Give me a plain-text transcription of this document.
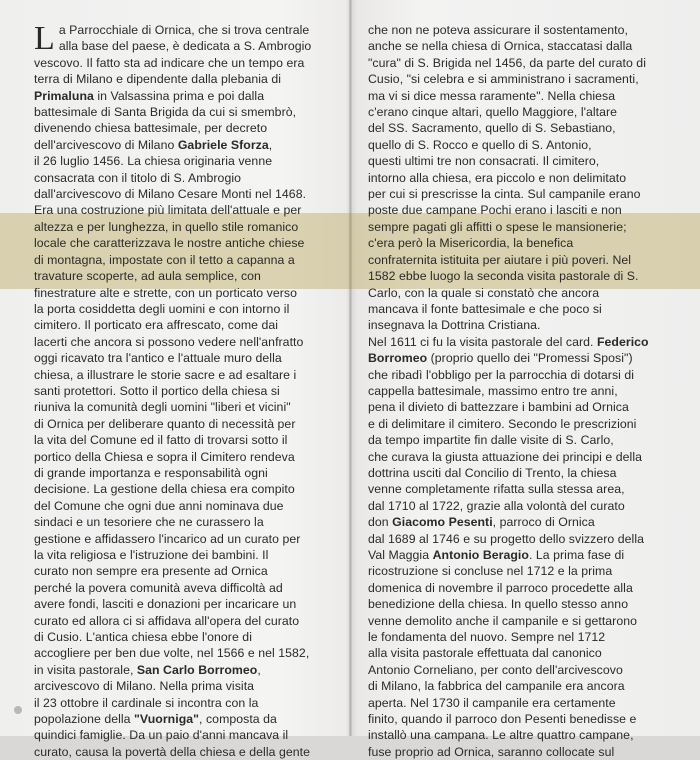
L a Parrocchiale di Ornica, che si trova centrale

alla base del paese, è dedicata a S. Ambrogio

vescovo. Il fatto sta ad indicare che un tempo era

terra di Milano e dipendente dalla plebania di

Primaluna in Valsassina prima e poi dalla

battesimale di Santa Brigida da cui si smembrò,

divenendo chiesa battesimale, per decreto

dell'arcivescovo di Milano Gabriele Sforza,

il 26 luglio 1456. La chiesa originaria venne

consacrata con il titolo di S. Ambrogio

dall'arcivescovo di Milano Cesare Monti nel 1468.

Era una costruzione più limitata dell'attuale e per

altezza e per lunghezza, in quello stile romanico

locale che caratterizzava le nostre antiche chiese

di montagna, impostate con il tetto a capanna a

travature scoperte, ad aula semplice, con

finestrature alte e strette, con un porticato verso

la porta cosiddetta degli uomini e con intorno il

cimitero. Il porticato era affrescato, come dai

lacerti che ancora si possono vedere nell'anfratto

oggi ricavato tra l'antico e l'attuale muro della

chiesa, a illustrare le storie sacre e ad esaltare i

santi protettori. Sotto il portico della chiesa si

riuniva la comunità degli uomini "liberi et vicini"

di Ornica per deliberare quanto di necessità per

la vita del Comune ed il fatto di trovarsi sotto il

portico della Chiesa e sopra il Cimitero rendeva

di grande importanza e responsabilità ogni

decisione. La gestione della chiesa era compito

del Comune che ogni due anni nominava due

sindaci e un tesoriere che ne curassero la

gestione e affidassero l'incarico ad un curato per

la vita religiosa e l'istruzione dei bambini. Il

curato non sempre era presente ad Ornica

perché la povera comunità aveva difficoltà ad

avere fondi, lasciti e donazioni per incaricare un

curato ed allora ci si affidava all'opera del curato

di Cusio. L'antica chiesa ebbe l'onore di

accogliere per ben due volte, nel 1566 e nel 1582,

in visita pastorale, San Carlo Borromeo,

arcivescovo di Milano. Nella prima visita

il 23 ottobre il cardinale si incontra con la

popolazione della "Vuorniga", composta da

quindici famiglie. Da un paio d'anni mancava il

curato, causa la povertà della chiesa e della gente

che non ne poteva assicurare il sostentamento,

anche se nella chiesa di Ornica, staccatasi dalla

"cura" di S. Brigida nel 1456, da parte del curato di

Cusio, "si celebra e si amministrano i sacramenti,

ma vi si dice messa raramente". Nella chiesa

c'erano cinque altari, quello Maggiore, l'altare

del SS. Sacramento, quello di S. Sebastiano,

quello di S. Rocco e quello di S. Antonio,

questi ultimi tre non consacrati. Il cimitero,

intorno alla chiesa, era piccolo e non delimitato

per cui si prescrisse la cinta. Sul campanile erano

poste due campane Pochi erano i lasciti e non

sempre pagati gli affitti o spese le mansionerie;

c'era però la Misericordia, la benefica

confraternita istituita per aiutare i più poveri. Nel

1582 ebbe luogo la seconda visita pastorale di S.

Carlo, con la quale si constatò che ancora

mancava il fonte battesimale e che poco si

insegnava la Dottrina Cristiana.

Nel 1611 ci fu la visita pastorale del card. Federico

Borromeo (proprio quello dei "Promessi Sposi")

che ribadì l'obbligo per la parrocchia di dotarsi di

cappella battesimale, massimo entro tre anni,

pena il divieto di battezzare i bambini ad Ornica

e di delimitare il cimitero. Secondo le prescrizioni

da tempo impartite fin dalle visite di S. Carlo,

che curava la giusta attuazione dei principi e della

dottrina usciti dal Concilio di Trento, la chiesa

venne completamente rifatta sulla stessa area,

dal 1710 al 1722, grazie alla volontà del curato

don Giacomo Pesenti, parroco di Ornica

dal 1689 al 1746 e su progetto dello svizzero della

Val Maggia Antonio Beragio. La prima fase di

ricostruzione si concluse nel 1712 e la prima

domenica di novembre il parroco procedette alla

benedizione della chiesa. In quello stesso anno

venne demolito anche il campanile e si gettarono

le fondamenta del nuovo. Sempre nel 1712

alla visita pastorale effettuata dal canonico

Antonio Corneliano, per conto dell'arcivescovo

di Milano, la fabbrica del campanile era ancora

aperta. Nel 1730 il campanile era certamente

finito, quando il parroco don Pesenti benedisse e

installò una campana. Le altre quattro campane,

fuse proprio ad Ornica, saranno collocate sul
